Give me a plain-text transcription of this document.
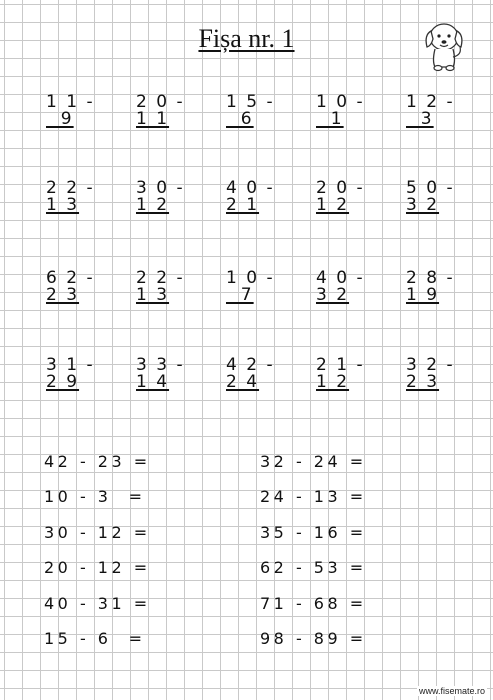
Fișa nr. 1
1 1 -
9
2 0 -
1 1
1 5 -
6
1 0 -
1
1 2 -
3
2 2 -
1 3
3 0 -
1 2
4 0 -
2 1
2 0 -
1 2
5 0 -
3 2
6 2 -
2 3
2 2 -
1 3
1 0 -
7
4 0 -
3 2
2 8 -
1 9
3 1 -
2 9
3 3 -
1 4
4 2 -
2 4
2 1 -
1 2
3 2 -
2 3
42 - 23 =
10 - 3  =
30 - 12 =
20 - 12 =
40 - 31 =
15 - 6  =
32 - 24 =
24 - 13 =
35 - 16 =
62 - 53 =
71 - 68 =
98 - 89 =
www.fisemate.ro
